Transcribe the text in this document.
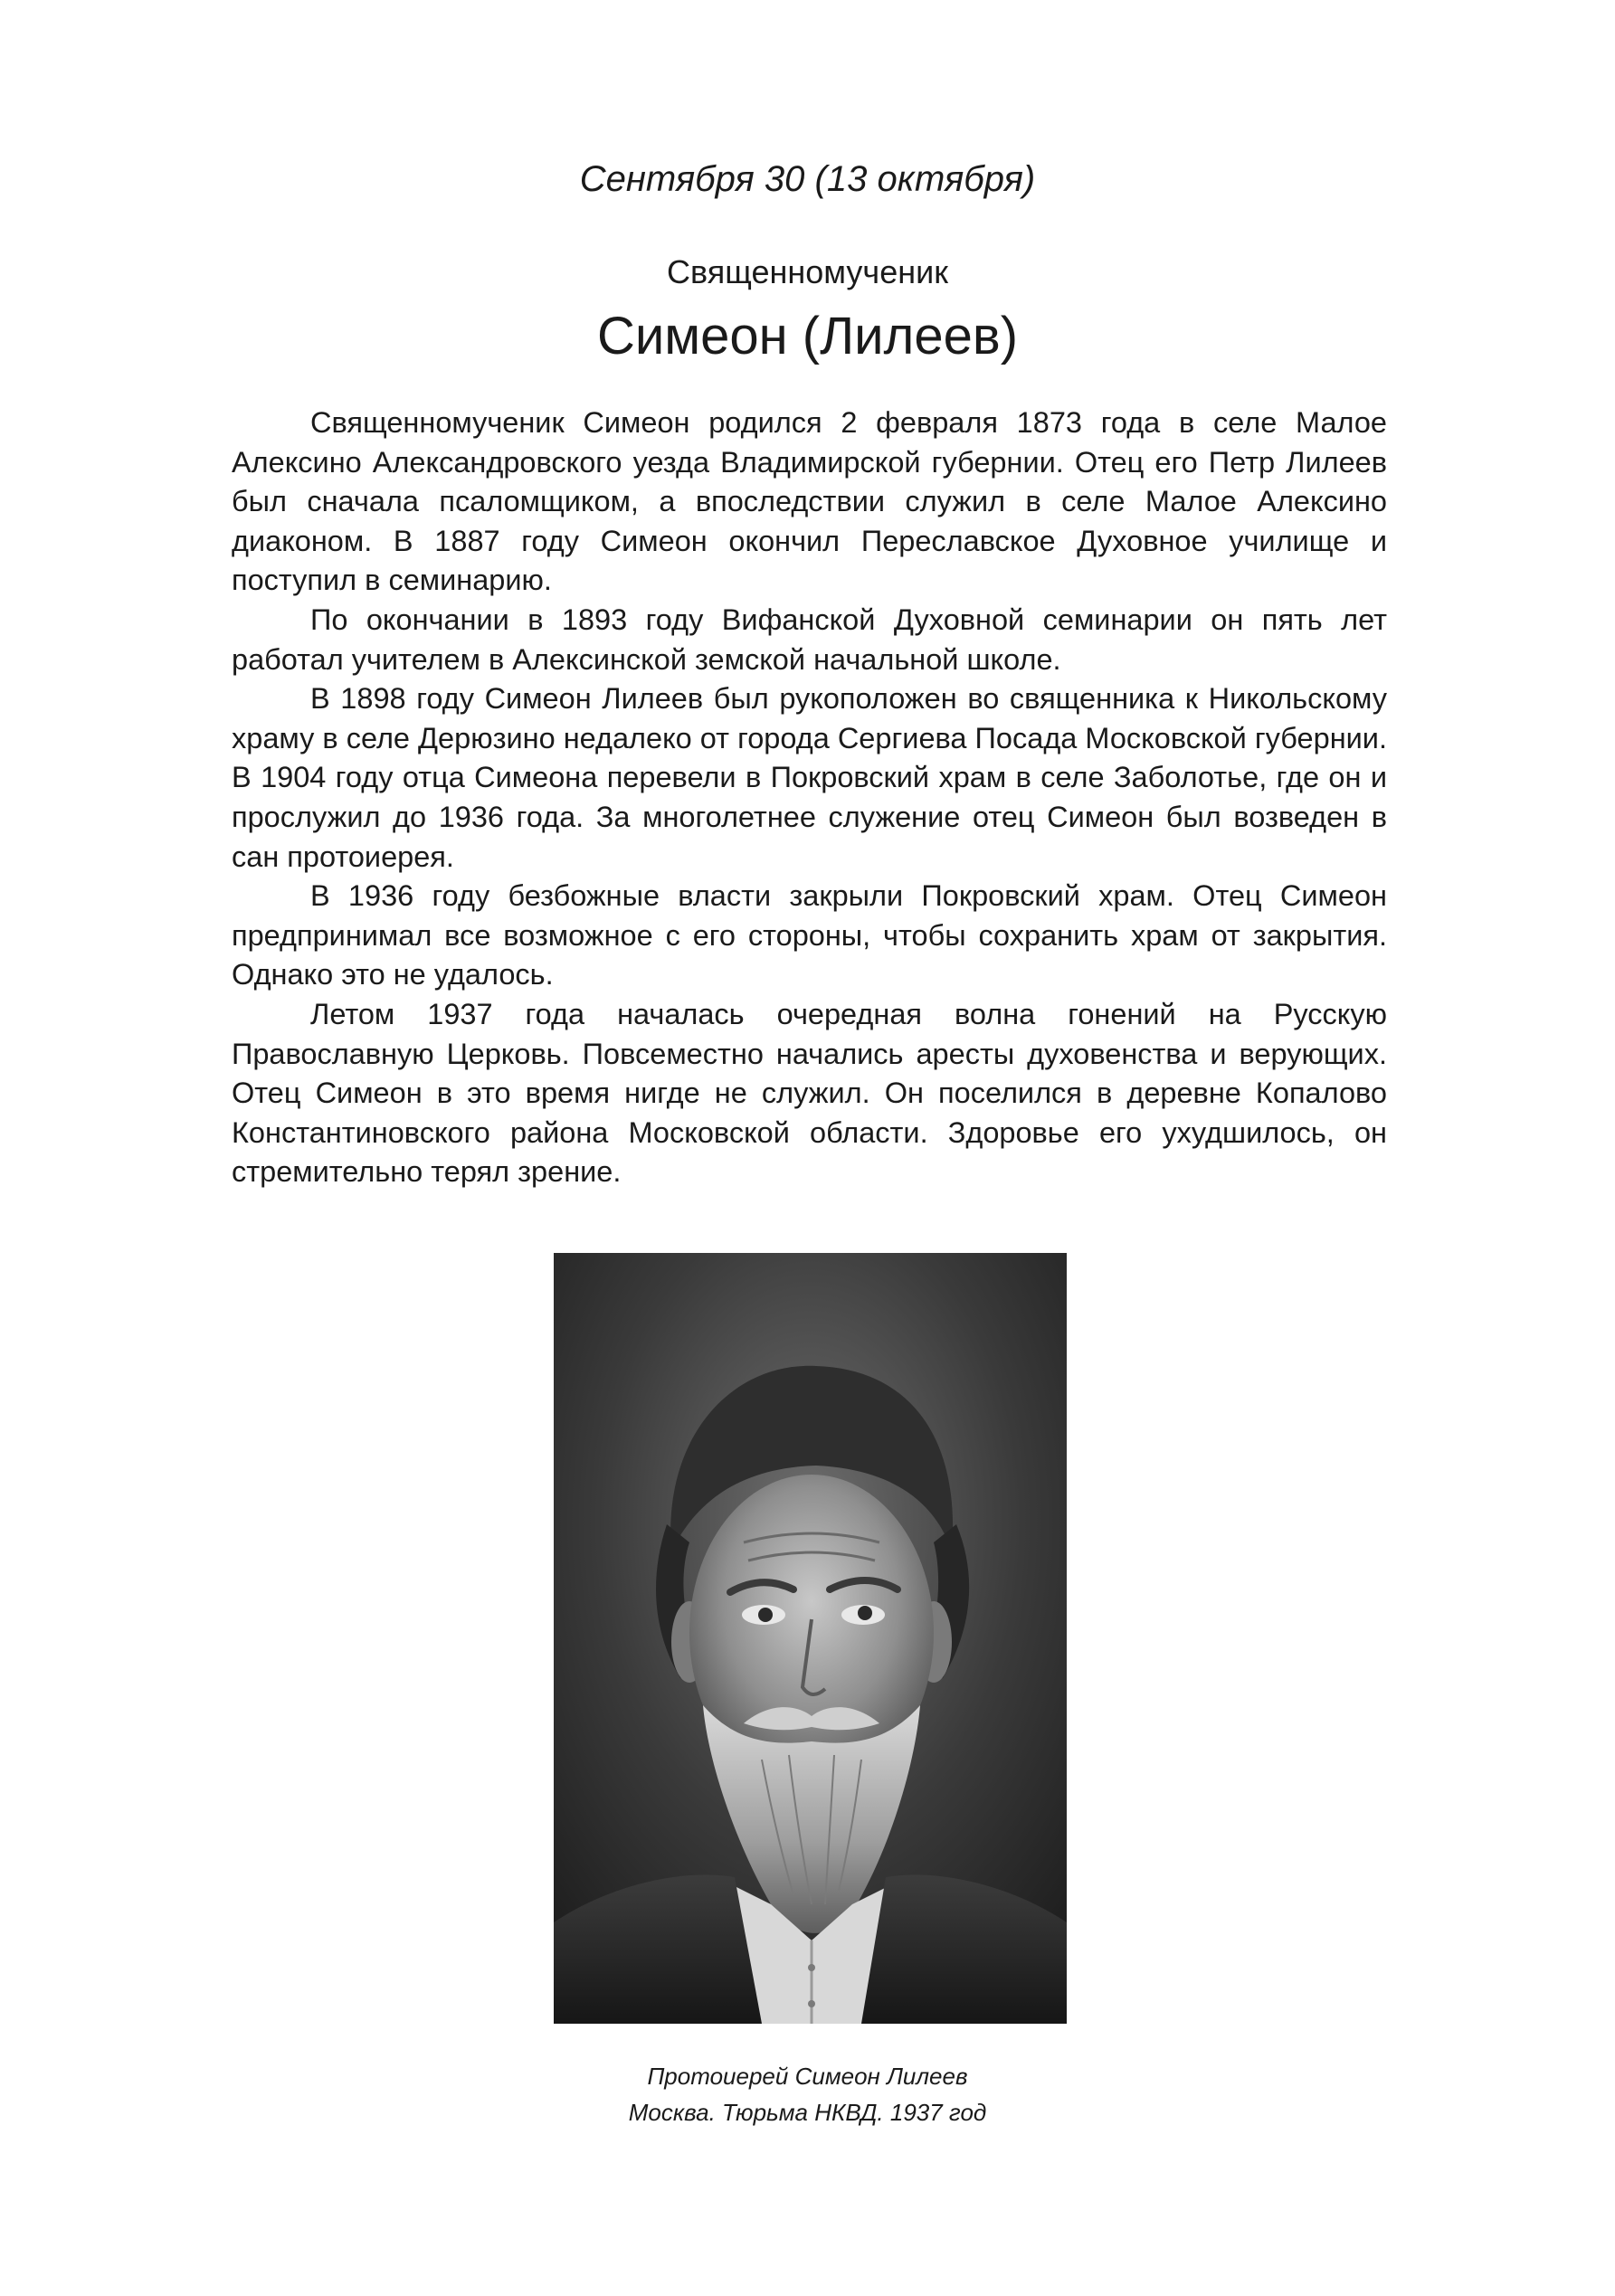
Сентября 30 (13 октября)
Священномученик
Симеон (Лилеев)

Священномученик Симеон родился 2 февраля 1873 года в селе Малое Алексино Александровского уезда Владимирской губернии. Отец его Петр Лилеев был сначала псаломщиком, а впоследствии служил в селе Малое Алексино диаконом. В 1887 году Симеон окончил Переславское Духовное училище и поступил в семинарию.

По окончании в 1893 году Вифанской Духовной семинарии он пять лет работал учителем в Алексинской земской начальной школе.

В 1898 году Симеон Лилеев был рукоположен во священника к Никольскому храму в селе Дерюзино недалеко от города Сергиева Посада Московской губернии. В 1904 году отца Симеона перевели в Покровский храм в селе Заболотье, где он и прослужил до 1936 года. За многолетнее служение отец Симеон был возведен в сан протоиерея.

В 1936 году безбожные власти закрыли Покровский храм. Отец Симеон предпринимал все возможное с его стороны, чтобы сохранить храм от закрытия. Однако это не удалось.

Летом 1937 года началась очередная волна гонений на Русскую Православную Церковь. Повсеместно начались аресты духовенства и верующих. Отец Симеон в это время нигде не служил. Он поселился в деревне Копалово Константиновского района Московской области. Здоровье его ухудшилось, он стремительно терял зрение.

Протоиерей Симеон Лилеев
Москва. Тюрьма НКВД. 1937 год
